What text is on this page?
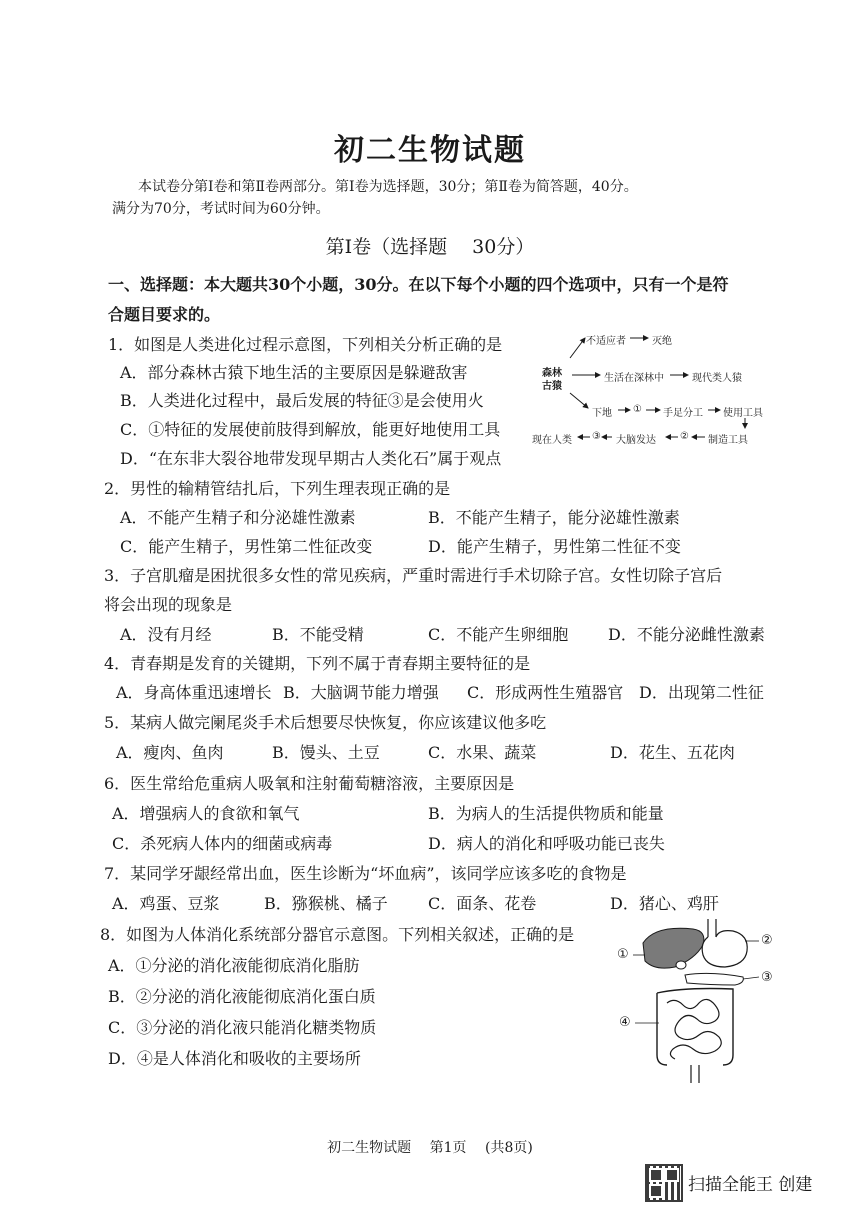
初二生物试题
本试卷分第Ⅰ卷和第Ⅱ卷两部分。第Ⅰ卷为选择题，30分；第Ⅱ卷为简答题，40分。
满分为70分，考试时间为60分钟。
第Ⅰ卷（选择题　 30分）
一、选择题：本大题共30个小题，30分。在以下每个小题的四个选项中，只有一个是符
合题目要求的。
1．如图是人类进化过程示意图，下列相关分析正确的是
A．部分森林古猿下地生活的主要原因是躲避敌害
B．人类进化过程中，最后发展的特征③是会使用火
C．①特征的发展使前肢得到解放，能更好地使用工具
D．“在东非大裂谷地带发现早期古人类化石”属于观点
森林
古猿
不适应者	灭绝
生活在深林中	现代类人猿
下地 ① 手足分工 使用工具
制造工具
②
大脑发达
③
现在人类
2．男性的输精管结扎后，下列生理表现正确的是
A．不能产生精子和分泌雄性激素	B．不能产生精子，能分泌雄性激素
C．能产生精子，男性第二性征改变	D．能产生精子，男性第二性征不变
3．子宫肌瘤是困扰很多女性的常见疾病，严重时需进行手术切除子宫。女性切除子宫后
将会出现的现象是
A．没有月经	B．不能受精	C．不能产生卵细胞 D．不能分泌雌性激素
4．青春期是发育的关键期，下列不属于青春期主要特征的是
A．身高体重迅速增长 B．大脑调节能力增强 C．形成两性生殖器官 D．出现第二性征
5．某病人做完阑尾炎手术后想要尽快恢复，你应该建议他多吃
A．瘦肉、鱼肉	B．馒头、土豆	C．水果、蔬菜	D．花生、五花肉
6．医生常给危重病人吸氧和注射葡萄糖溶液，主要原因是
A．增强病人的食欲和氧气	B．为病人的生活提供物质和能量
C．杀死病人体内的细菌或病毒	D．病人的消化和呼吸功能已丧失
7．某同学牙龈经常出血，医生诊断为“坏血病”，该同学应该多吃的食物是
A．鸡蛋、豆浆	B．猕猴桃、橘子	C．面条、花卷	D．猪心、鸡肝
8．如图为人体消化系统部分器官示意图。下列相关叙述，正确的是
A．①分泌的消化液能彻底消化脂肪
B．②分泌的消化液能彻底消化蛋白质
C．③分泌的消化液只能消化糖类物质
D．④是人体消化和吸收的主要场所
①
②
③
④
初二生物试题　 第1页　 (共8页)
扫描全能王 创建
